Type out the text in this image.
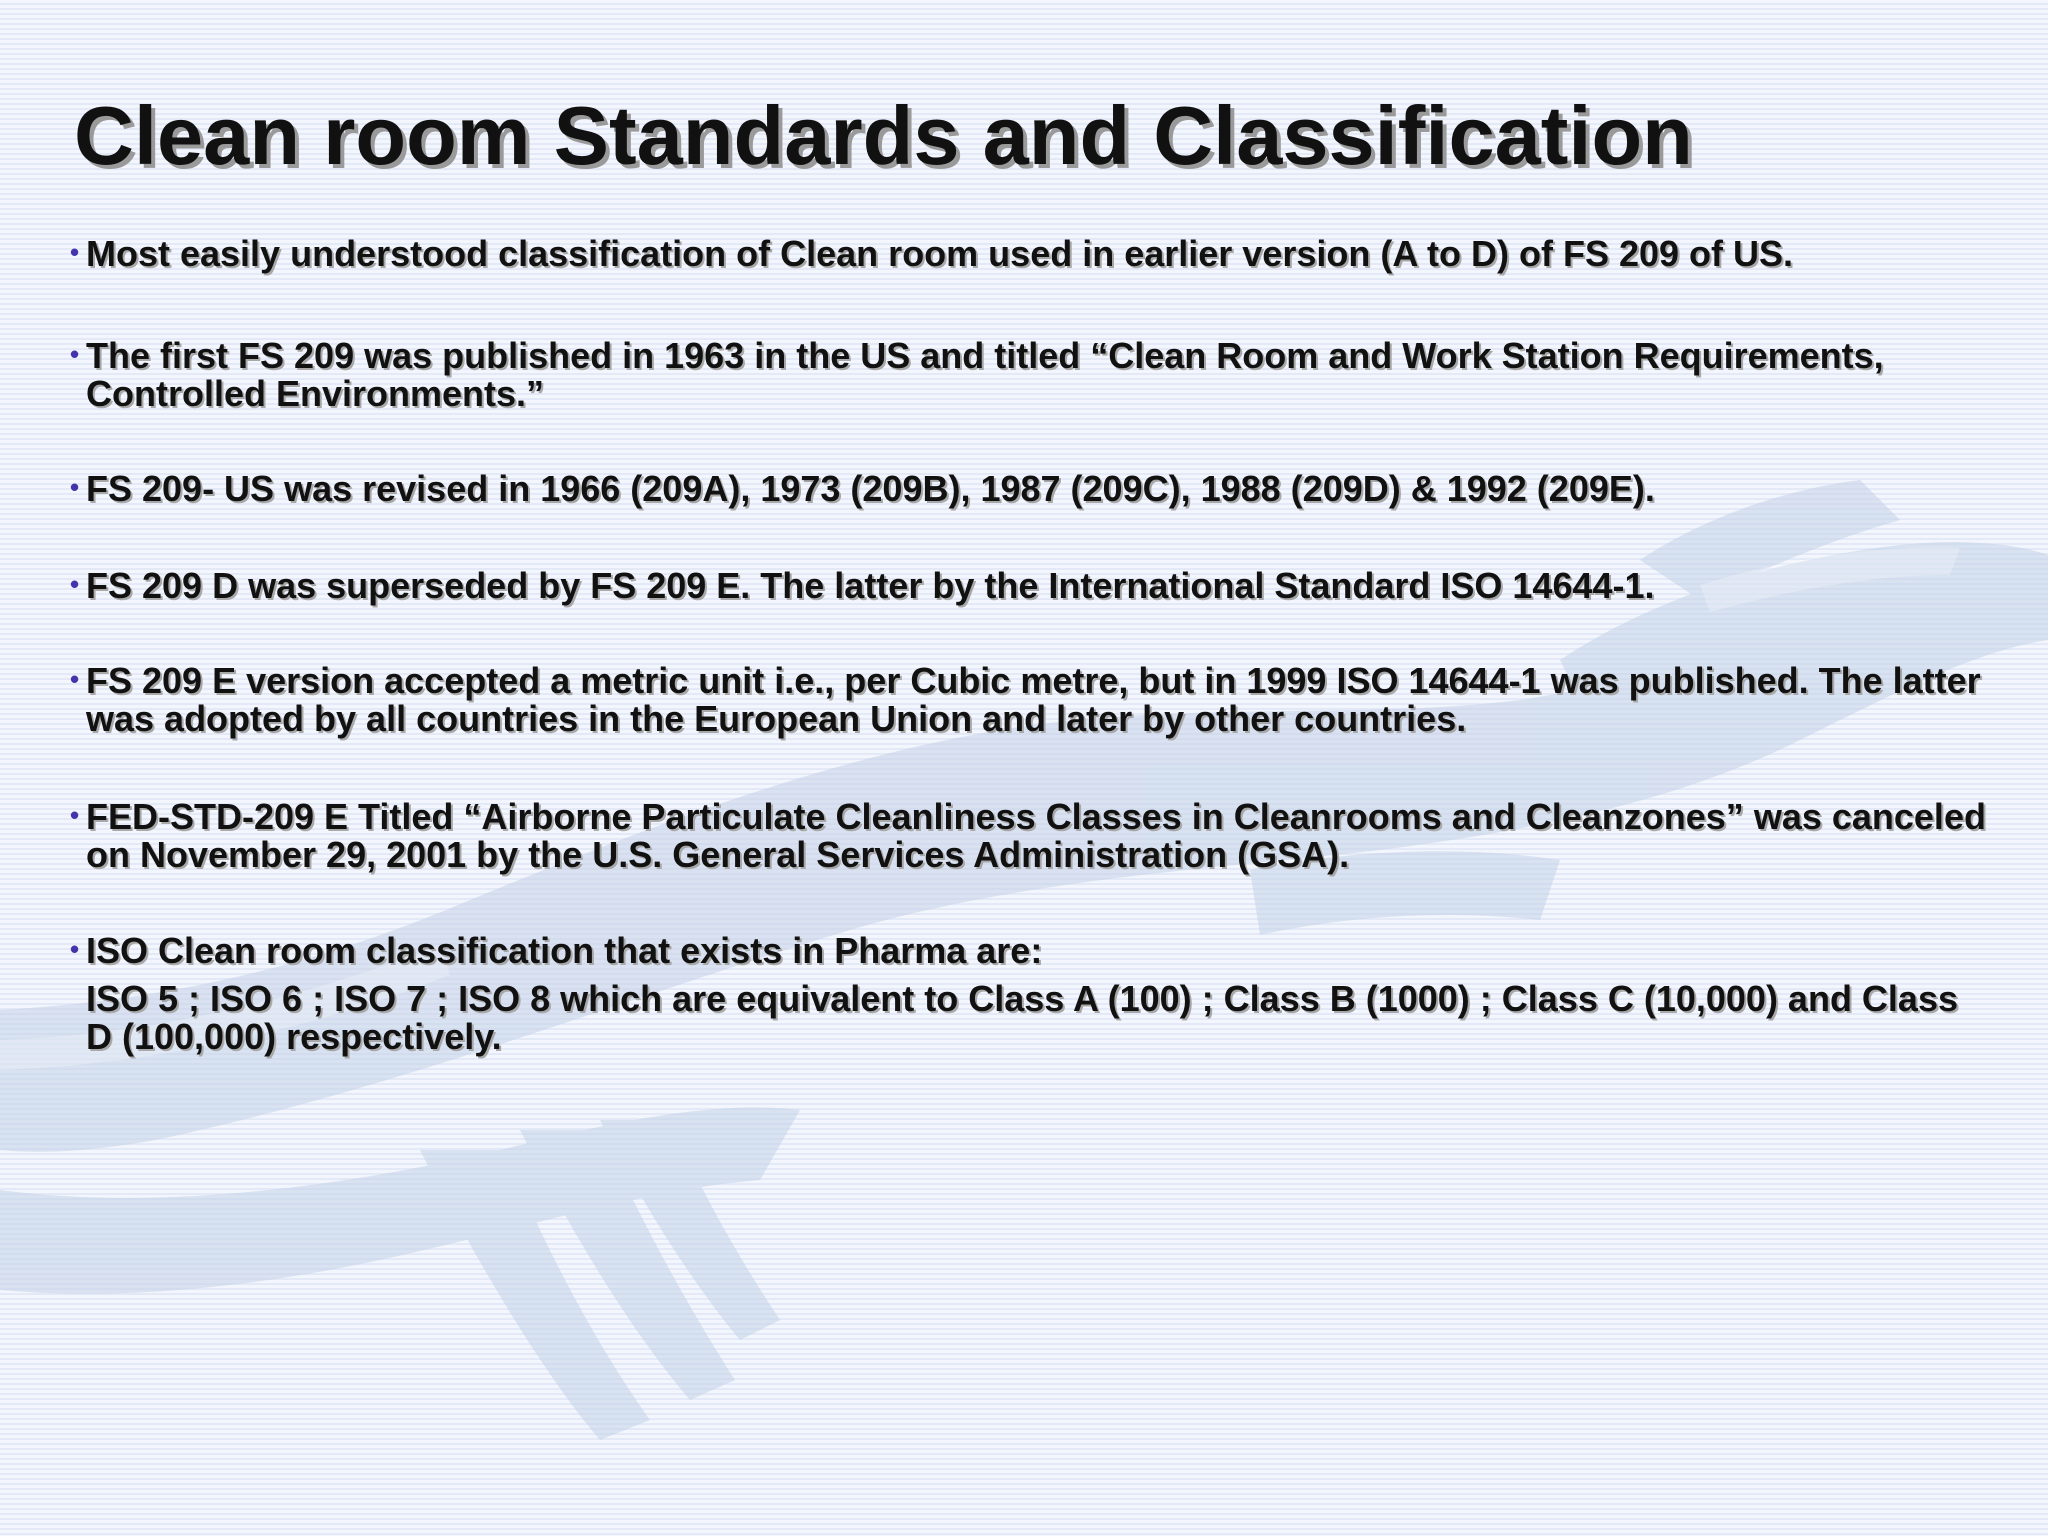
Clean room Standards and Classification
• Most easily understood classification of Clean room used in earlier version (A to D) of FS 209 of US.
• The first FS 209 was published in 1963 in the US and titled “Clean Room and Work Station Requirements, Controlled Environments.”
• FS 209- US was revised in 1966 (209A), 1973 (209B), 1987 (209C), 1988 (209D) & 1992 (209E).
• FS 209 D was superseded by FS 209 E. The latter by the International Standard ISO 14644-1.
• FS 209 E version accepted a metric unit i.e., per Cubic metre, but in 1999 ISO 14644-1 was published. The latter was adopted by all countries in the European Union and later by other countries.
• FED-STD-209 E Titled “Airborne Particulate Cleanliness Classes in Cleanrooms and Cleanzones” was canceled on November 29, 2001 by the U.S. General Services Administration (GSA).
• ISO Clean room classification that exists in Pharma are:
ISO 5 ; ISO 6 ; ISO 7 ; ISO 8 which are equivalent to Class A (100) ; Class B (1000) ; Class C (10,000) and Class D (100,000) respectively.
